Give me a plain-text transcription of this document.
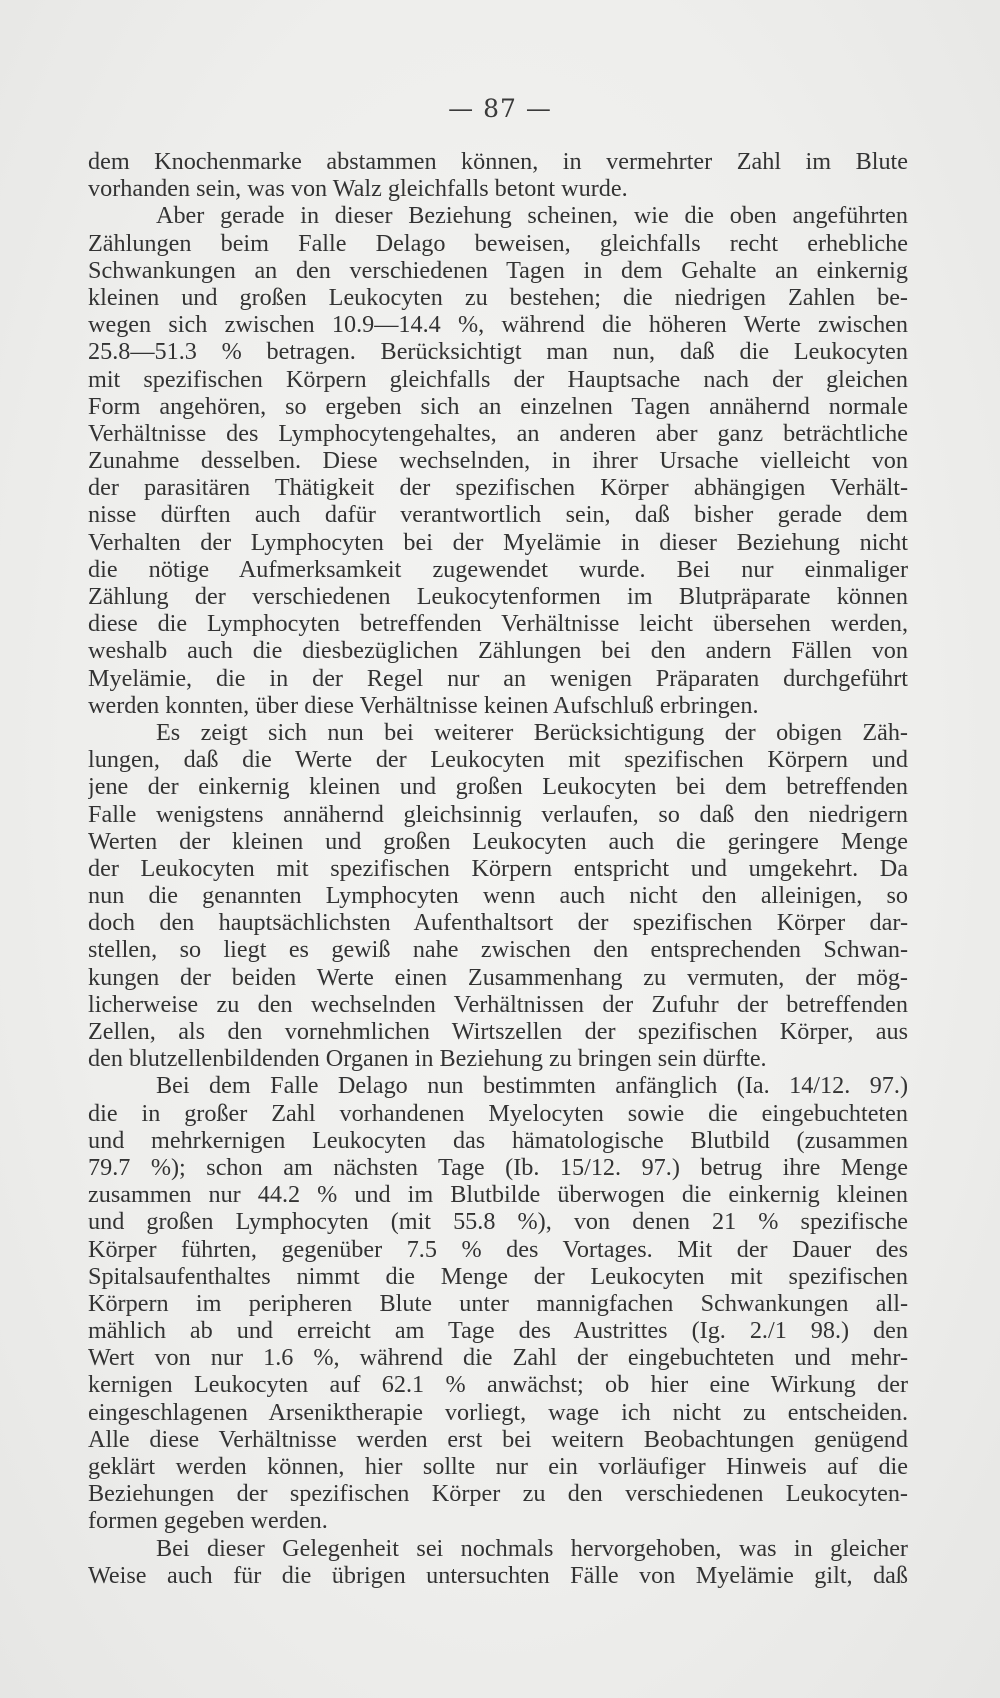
— 87 —
dem Knochenmarke abstammen können, in vermehrter Zahl im Blute
vorhanden sein, was von Walz gleichfalls betont wurde.
Aber gerade in dieser Beziehung scheinen, wie die oben angeführten
Zählungen beim Falle Delago beweisen, gleichfalls recht erhebliche
Schwankungen an den verschiedenen Tagen in dem Gehalte an einkernig
kleinen und großen Leukocyten zu bestehen; die niedrigen Zahlen be-
wegen sich zwischen 10.9—14.4 %, während die höheren Werte zwischen
25.8—51.3 % betragen. Berücksichtigt man nun, daß die Leukocyten
mit spezifischen Körpern gleichfalls der Hauptsache nach der gleichen
Form angehören, so ergeben sich an einzelnen Tagen annähernd normale
Verhältnisse des Lymphocytengehaltes, an anderen aber ganz beträchtliche
Zunahme desselben. Diese wechselnden, in ihrer Ursache vielleicht von
der parasitären Thätigkeit der spezifischen Körper abhängigen Verhält-
nisse dürften auch dafür verantwortlich sein, daß bisher gerade dem
Verhalten der Lymphocyten bei der Myelämie in dieser Beziehung nicht
die nötige Aufmerksamkeit zugewendet wurde. Bei nur einmaliger
Zählung der verschiedenen Leukocytenformen im Blutpräparate können
diese die Lymphocyten betreffenden Verhältnisse leicht übersehen werden,
weshalb auch die diesbezüglichen Zählungen bei den andern Fällen von
Myelämie, die in der Regel nur an wenigen Präparaten durchgeführt
werden konnten, über diese Verhältnisse keinen Aufschluß erbringen.
Es zeigt sich nun bei weiterer Berücksichtigung der obigen Zäh-
lungen, daß die Werte der Leukocyten mit spezifischen Körpern und
jene der einkernig kleinen und großen Leukocyten bei dem betreffenden
Falle wenigstens annähernd gleichsinnig verlaufen, so daß den niedrigern
Werten der kleinen und großen Leukocyten auch die geringere Menge
der Leukocyten mit spezifischen Körpern entspricht und umgekehrt. Da
nun die genannten Lymphocyten wenn auch nicht den alleinigen, so
doch den hauptsächlichsten Aufenthaltsort der spezifischen Körper dar-
stellen, so liegt es gewiß nahe zwischen den entsprechenden Schwan-
kungen der beiden Werte einen Zusammenhang zu vermuten, der mög-
licherweise zu den wechselnden Verhältnissen der Zufuhr der betreffenden
Zellen, als den vornehmlichen Wirtszellen der spezifischen Körper, aus
den blutzellenbildenden Organen in Beziehung zu bringen sein dürfte.
Bei dem Falle Delago nun bestimmten anfänglich (Ia. 14/12. 97.)
die in großer Zahl vorhandenen Myelocyten sowie die eingebuchteten
und mehrkernigen Leukocyten das hämatologische Blutbild (zusammen
79.7 %); schon am nächsten Tage (Ib. 15/12. 97.) betrug ihre Menge
zusammen nur 44.2 % und im Blutbilde überwogen die einkernig kleinen
und großen Lymphocyten (mit 55.8 %), von denen 21 % spezifische
Körper führten, gegenüber 7.5 % des Vortages. Mit der Dauer des
Spitalsaufenthaltes nimmt die Menge der Leukocyten mit spezifischen
Körpern im peripheren Blute unter mannigfachen Schwankungen all-
mählich ab und erreicht am Tage des Austrittes (Ig. 2./1 98.) den
Wert von nur 1.6 %, während die Zahl der eingebuchteten und mehr-
kernigen Leukocyten auf 62.1 % anwächst; ob hier eine Wirkung der
eingeschlagenen Arseniktherapie vorliegt, wage ich nicht zu entscheiden.
Alle diese Verhältnisse werden erst bei weitern Beobachtungen genügend
geklärt werden können, hier sollte nur ein vorläufiger Hinweis auf die
Beziehungen der spezifischen Körper zu den verschiedenen Leukocyten-
formen gegeben werden.
Bei dieser Gelegenheit sei nochmals hervorgehoben, was in gleicher
Weise auch für die übrigen untersuchten Fälle von Myelämie gilt, daß
